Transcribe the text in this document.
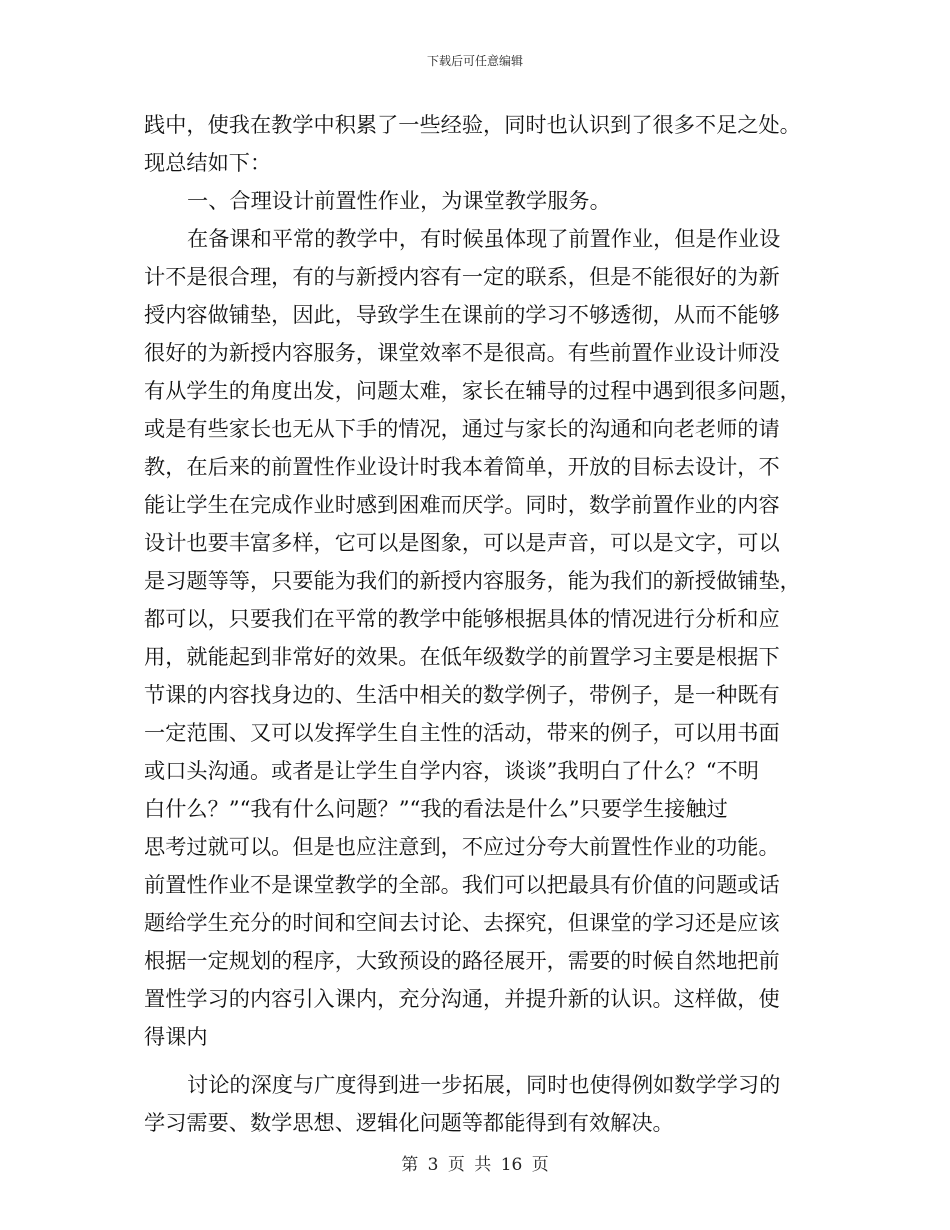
下载后可任意编辑
践中，使我在教学中积累了一些经验，同时也认识到了很多不足之处。
现总结如下：
一、合理设计前置性作业，为课堂教学服务。
在备课和平常的教学中，有时候虽体现了前置作业，但是作业设
计不是很合理，有的与新授内容有一定的联系，但是不能很好的为新
授内容做铺垫，因此，导致学生在课前的学习不够透彻，从而不能够
很好的为新授内容服务，课堂效率不是很高。有些前置作业设计师没
有从学生的角度出发，问题太难，家长在辅导的过程中遇到很多问题，
或是有些家长也无从下手的情况，通过与家长的沟通和向老老师的请
教，在后来的前置性作业设计时我本着简单，开放的目标去设计，不
能让学生在完成作业时感到困难而厌学。同时，数学前置作业的内容
设计也要丰富多样，它可以是图象，可以是声音，可以是文字，可以
是习题等等，只要能为我们的新授内容服务，能为我们的新授做铺垫，
都可以，只要我们在平常的教学中能够根据具体的情况进行分析和应
用，就能起到非常好的效果。在低年级数学的前置学习主要是根据下
节课的内容找身边的、生活中相关的数学例子，带例子，是一种既有
一定范围、又可以发挥学生自主性的活动，带来的例子，可以用书面
或口头沟通。或者是让学生自学内容，谈谈”我明白了什么？“不明
白什么？”“我有什么问题？”“我的看法是什么”只要学生接触过
思考过就可以。但是也应注意到，不应过分夸大前置性作业的功能。
前置性作业不是课堂教学的全部。我们可以把最具有价值的问题或话
题给学生充分的时间和空间去讨论、去探究，但课堂的学习还是应该
根据一定规划的程序，大致预设的路径展开，需要的时候自然地把前
置性学习的内容引入课内，充分沟通，并提升新的认识。这样做，使
得课内
讨论的深度与广度得到进一步拓展，同时也使得例如数学学习的
学习需要、数学思想、逻辑化问题等都能得到有效解决。
第 3 页 共 16 页
